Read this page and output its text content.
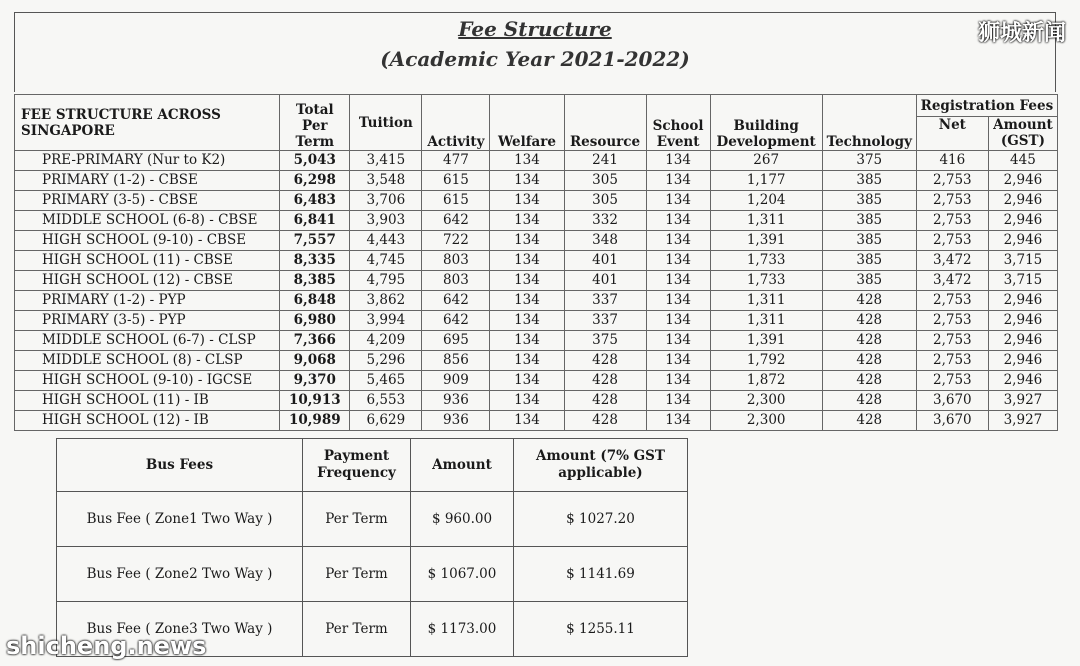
Fee Structure
(Academic Year 2021-2022)
狮城新闻
FEE STRUCTURE ACROSS SINGAPORE	Total Per Term	Tuition	Activity	Welfare	Resource	School Event	Building Development	Technology	Registration Fees	
									Net	Amount (GST)
PRE-PRIMARY (Nur to K2)	5,043	3,415	477	134	241	134	267	375	416	445
PRIMARY (1-2) - CBSE	6,298	3,548	615	134	305	134	1,177	385	2,753	2,946
PRIMARY (3-5) - CBSE	6,483	3,706	615	134	305	134	1,204	385	2,753	2,946
MIDDLE SCHOOL (6-8) - CBSE	6,841	3,903	642	134	332	134	1,311	385	2,753	2,946
HIGH SCHOOL (9-10) - CBSE	7,557	4,443	722	134	348	134	1,391	385	2,753	2,946
HIGH SCHOOL (11) - CBSE	8,335	4,745	803	134	401	134	1,733	385	3,472	3,715
HIGH SCHOOL (12) - CBSE	8,385	4,795	803	134	401	134	1,733	385	3,472	3,715
PRIMARY (1-2) - PYP	6,848	3,862	642	134	337	134	1,311	428	2,753	2,946
PRIMARY (3-5) - PYP	6,980	3,994	642	134	337	134	1,311	428	2,753	2,946
MIDDLE SCHOOL (6-7) - CLSP	7,366	4,209	695	134	375	134	1,391	428	2,753	2,946
MIDDLE SCHOOL (8) - CLSP	9,068	5,296	856	134	428	134	1,792	428	2,753	2,946
HIGH SCHOOL (9-10) - IGCSE	9,370	5,465	909	134	428	134	1,872	428	2,753	2,946
HIGH SCHOOL (11) - IB	10,913	6,553	936	134	428	134	2,300	428	3,670	3,927
HIGH SCHOOL (12) - IB	10,989	6,629	936	134	428	134	2,300	428	3,670	3,927
Bus Fees	Payment Frequency	Amount	Amount (7% GST applicable)
Bus Fee ( Zone1 Two Way )	Per Term	$ 960.00	$ 1027.20
Bus Fee ( Zone2 Two Way )	Per Term	$ 1067.00	$ 1141.69
Bus Fee ( Zone3 Two Way )	Per Term	$ 1173.00	$ 1255.11
shicheng.news
